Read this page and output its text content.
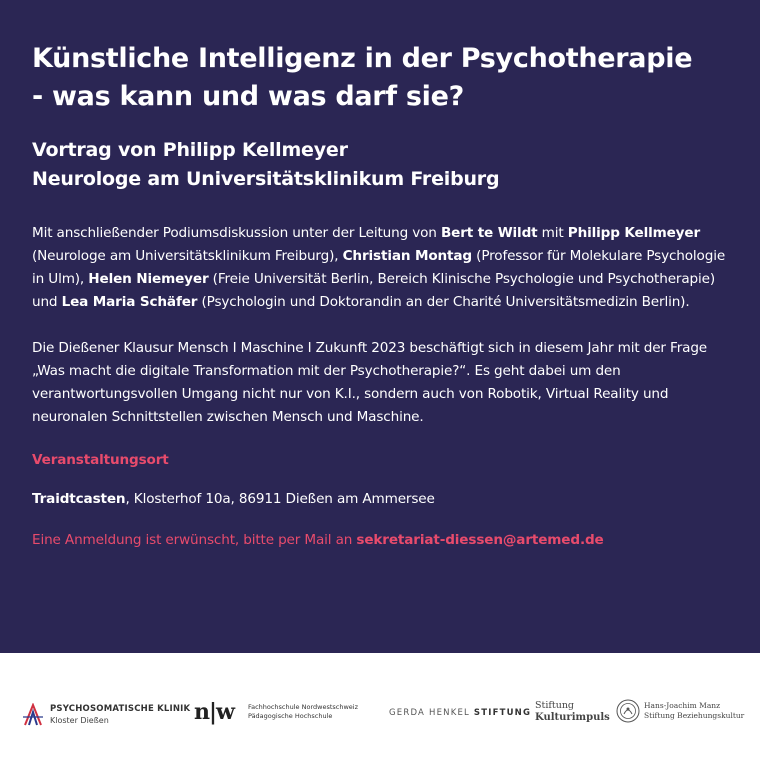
Künstliche Intelligenz in der Psychotherapie
- was kann und was darf sie?
Vortrag von Philipp Kellmeyer
Neurologe am Universitätsklinikum Freiburg

Mit anschließender Podiumsdiskussion unter der Leitung von Bert te Wildt mit Philipp Kellmeyer (Neurologe am Universitätsklinikum Freiburg), Christian Montag (Professor für Molekulare Psychologie in Ulm), Helen Niemeyer (Freie Universität Berlin, Bereich Klinische Psychologie und Psychotherapie) und Lea Maria Schäfer (Psychologin und Doktorandin an der Charité Universitätsmedizin Berlin).

Die Dießener Klausur Mensch I Maschine I Zukunft 2023 beschäftigt sich in diesem Jahr mit der Frage „Was macht die digitale Transformation mit der Psychotherapie?“. Es geht dabei um den verantwortungsvollen Umgang nicht nur von K.I., sondern auch von Robotik, Virtual Reality und neuronalen Schnittstellen zwischen Mensch und Maschine.

Veranstaltungsort

Traidtcasten, Klosterhof 10a, 86911 Dießen am Ammersee

Eine Anmeldung ist erwünscht, bitte per Mail an sekretariat-diessen@artemed.de

PSYCHOSOMATISCHE KLINIK
Kloster Dießen	n|w Fachhochschule Nordwestschweiz
Pädagogische Hochschule	GERDA HENKEL STIFTUNG
Stiftung
Kulturimpuls
Hans-Joachim Manz
Stiftung Beziehungskultur
